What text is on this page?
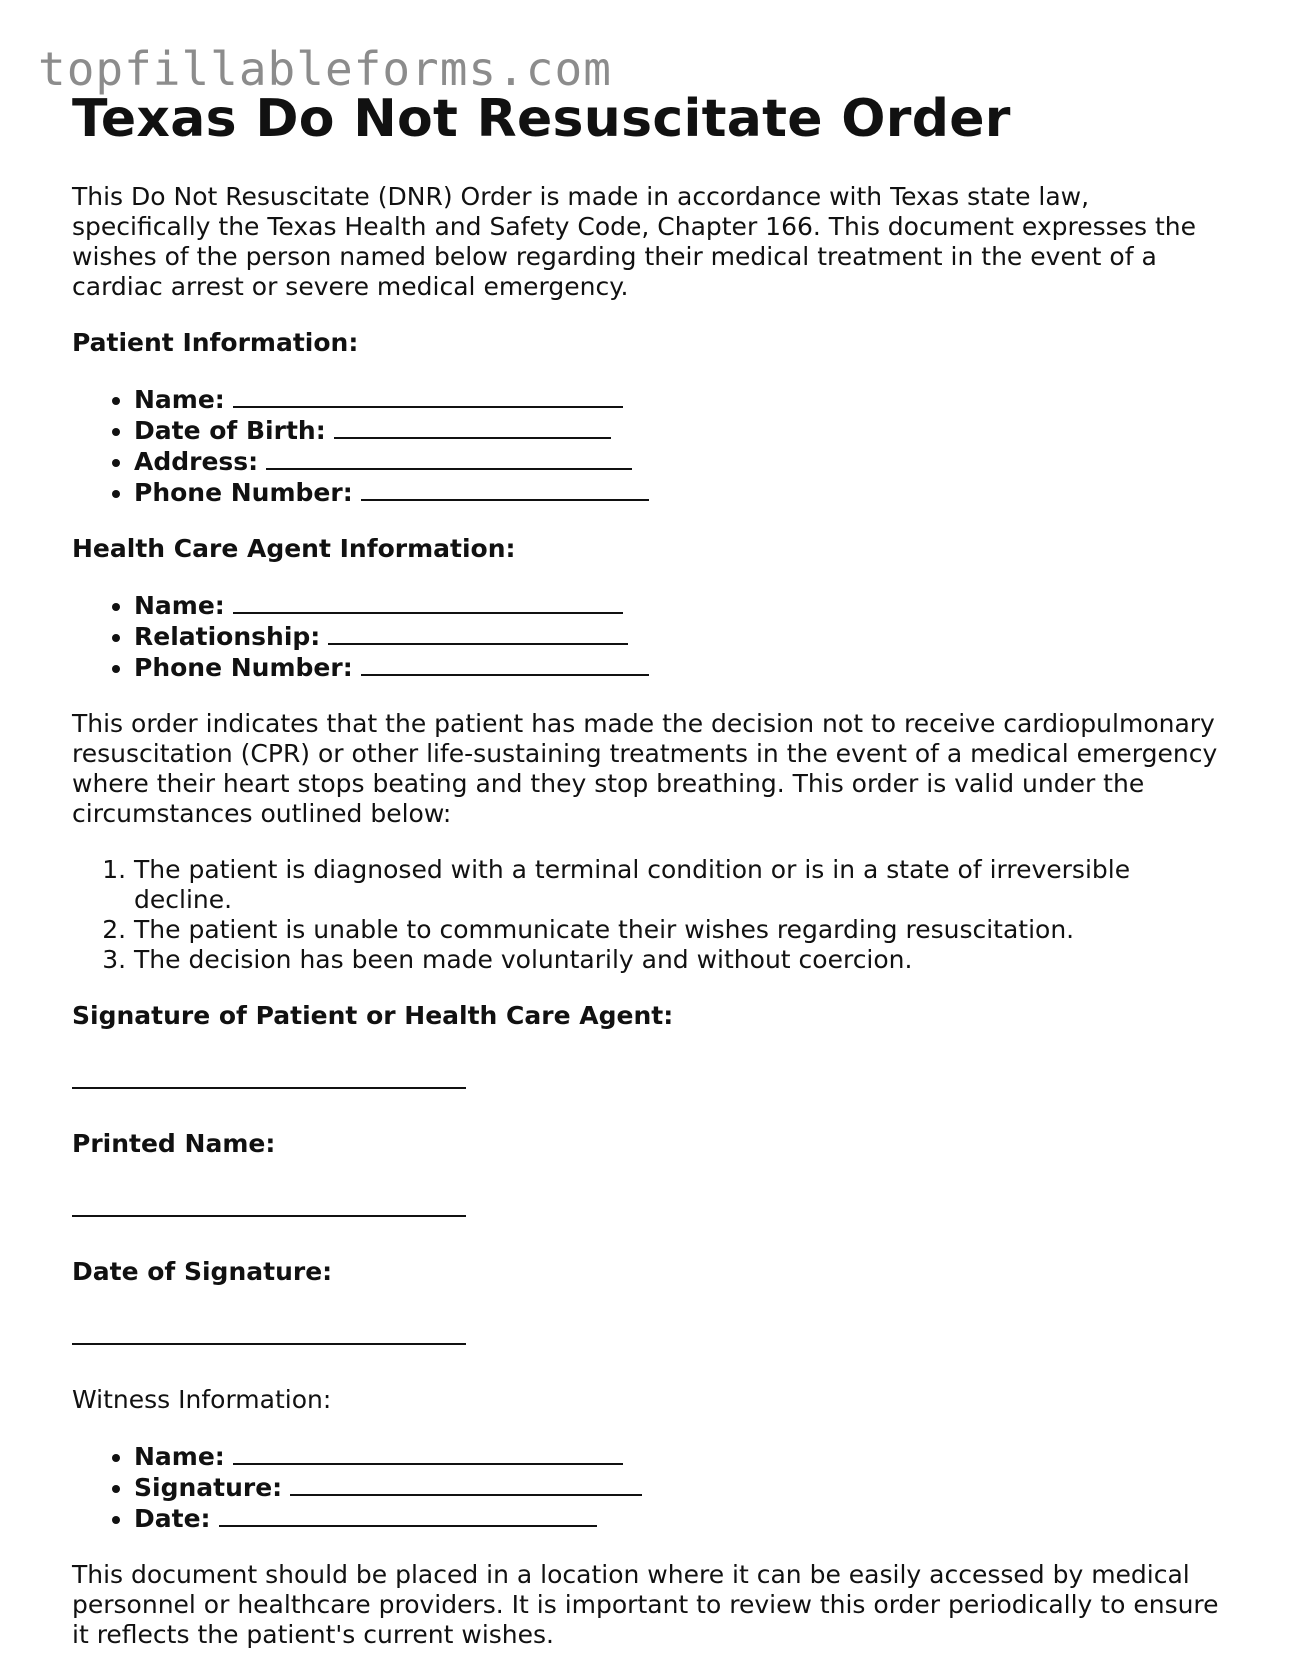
topfillableforms.com
Texas Do Not Resuscitate Order

This Do Not Resuscitate (DNR) Order is made in accordance with Texas state law, specifically the Texas Health and Safety Code, Chapter 166. This document expresses the wishes of the person named below regarding their medical treatment in the event of a cardiac arrest or severe medical emergency.

Patient Information:

• Name:
• Date of Birth:
• Address:
• Phone Number:

Health Care Agent Information:

• Name:
• Relationship:
• Phone Number:

This order indicates that the patient has made the decision not to receive cardiopulmonary resuscitation (CPR) or other life-sustaining treatments in the event of a medical emergency where their heart stops beating and they stop breathing. This order is valid under the circumstances outlined below:

1. The patient is diagnosed with a terminal condition or is in a state of irreversible decline.
2. The patient is unable to communicate their wishes regarding resuscitation.
3. The decision has been made voluntarily and without coercion.

Signature of Patient or Health Care Agent:

Printed Name:

Date of Signature:

Witness Information:

• Name:
• Signature:
• Date:

This document should be placed in a location where it can be easily accessed by medical personnel or healthcare providers. It is important to review this order periodically to ensure it reflects the patient's current wishes.
